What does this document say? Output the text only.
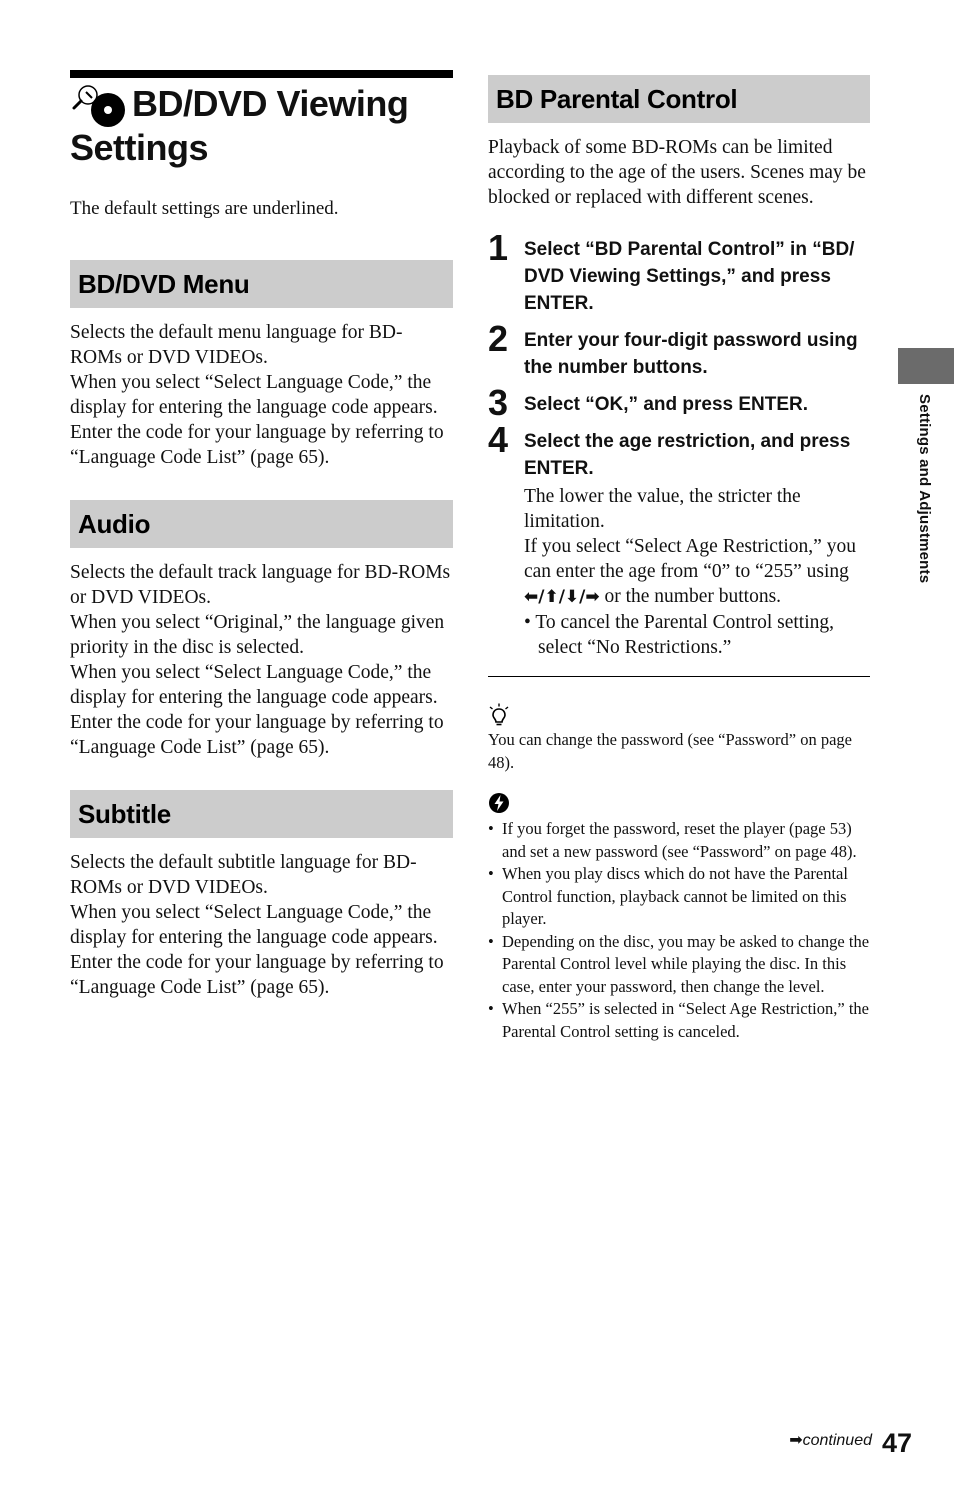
BD/DVD Viewing
Settings
The default settings are underlined.
BD/DVD Menu

Selects the default menu language for BD-ROMs or DVD VIDEOs.

When you select “Select Language Code,” the display for entering the language code appears. Enter the code for your language by referring to “Language Code List” (page 65).

Audio

Selects the default track language for BD-ROMs or DVD VIDEOs.

When you select “Original,” the language given priority in the disc is selected.

When you select “Select Language Code,” the display for entering the language code appears. Enter the code for your language by referring to “Language Code List” (page 65).

Subtitle

Selects the default subtitle language for BD-ROMs or DVD VIDEOs.

When you select “Select Language Code,” the display for entering the language code appears. Enter the code for your language by referring to “Language Code List” (page 65).

BD Parental Control
Playback of some BD-ROMs can be limited according to the age of the users. Scenes may be blocked or replaced with different scenes.
1 Select “BD Parental Control” in “BD/ DVD Viewing Settings,” and press ENTER.
2 Enter your four-digit password using the number buttons.
3 Select “OK,” and press ENTER.
4 Select the age restriction, and press ENTER.

The lower the value, the stricter the limitation.

If you select “Select Age Restriction,” you can enter the age from “0” to “255” using ⬅/⬆/⬇/➡ or the number buttons.

• To cancel the Parental Control setting, select “No Restrictions.”

You can change the password (see “Password” on page 48).
• If you forget the password, reset the player (page 53) and set a new password (see “Password” on page 48).
• When you play discs which do not have the Parental Control function, playback cannot be limited on this player.
• Depending on the disc, you may be asked to change the Parental Control level while playing the disc. In this case, enter your password, then change the level.
• When “255” is selected in “Select Age Restriction,” the Parental Control setting is canceled.
Settings and Adjustments
➡continued 47
